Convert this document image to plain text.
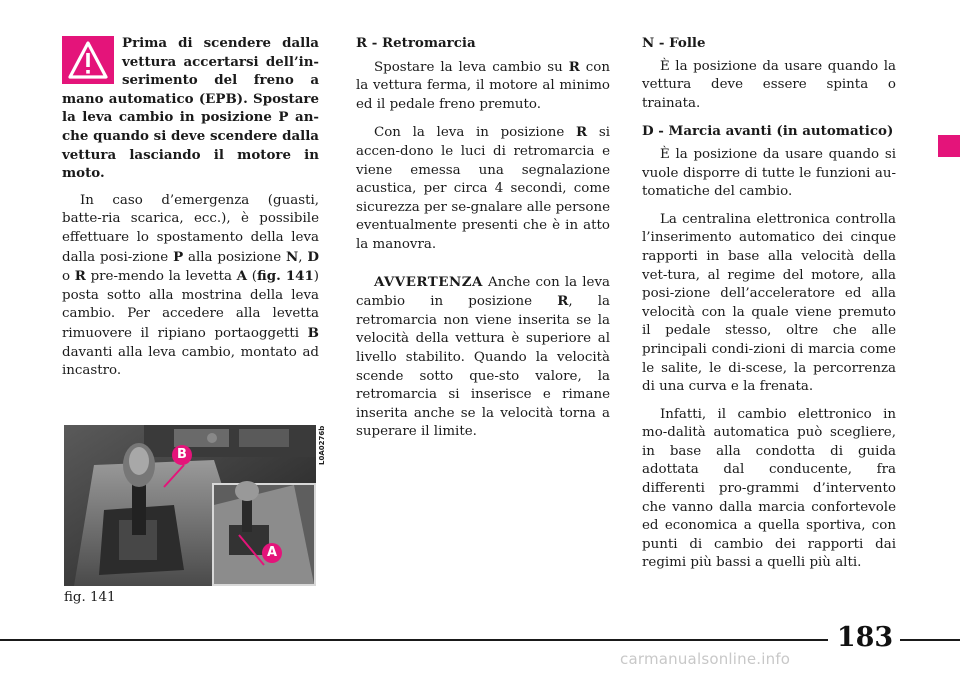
Prima di scendere dalla vettura accertarsi dell’in-serimento del freno a mano automatico (EPB). Spostare la leva cambio in posizione P an-che quando si deve scendere dalla vettura lasciando il motore in moto.

In caso d’emergenza (guasti, batte-ria scarica, ecc.), è possibile effettuare lo spostamento della leva dalla posi-zione P alla posizione N, D o R pre-mendo la levetta A (fig. 141) posta sotto alla mostrina della leva cambio. Per accedere alla levetta rimuovere il ripiano portaoggetti B davanti alla leva cambio, montato ad incastro.

B
A
L0A0276b
fig. 141

R - Retromarcia

Spostare la leva cambio su R con la vettura ferma, il motore al minimo ed il pedale freno premuto.

Con la leva in posizione R si accen-dono le luci di retromarcia e viene emessa una segnalazione acustica, per circa 4 secondi, come sicurezza per se-gnalare alle persone eventualmente presenti che è in atto la manovra.

AVVERTENZA Anche con la leva cambio in posizione R, la retromarcia non viene inserita se la velocità della vettura è superiore al livello stabilito. Quando la velocità scende sotto que-sto valore, la retromarcia si inserisce e rimane inserita anche se la velocità torna a superare il limite.

N - Folle

È la posizione da usare quando la vettura deve essere spinta o trainata.

D - Marcia avanti (in automatico)

È la posizione da usare quando si vuole disporre di tutte le funzioni au-tomatiche del cambio.

La centralina elettronica controlla l’inserimento automatico dei cinque rapporti in base alla velocità della vet-tura, al regime del motore, alla posi-zione dell’acceleratore ed alla velocità con la quale viene premuto il pedale stesso, oltre che alle principali condi-zioni di marcia come le salite, le di-scese, la percorrenza di una curva e la frenata.

Infatti, il cambio elettronico in mo-dalità automatica può scegliere, in base alla condotta di guida adottata dal conducente, fra differenti pro-grammi d’intervento che vanno dalla marcia confortevole ed economica a quella sportiva, con punti di cambio dei rapporti dai regimi più bassi a quelli più alti.

183
carmanualsonline.info
